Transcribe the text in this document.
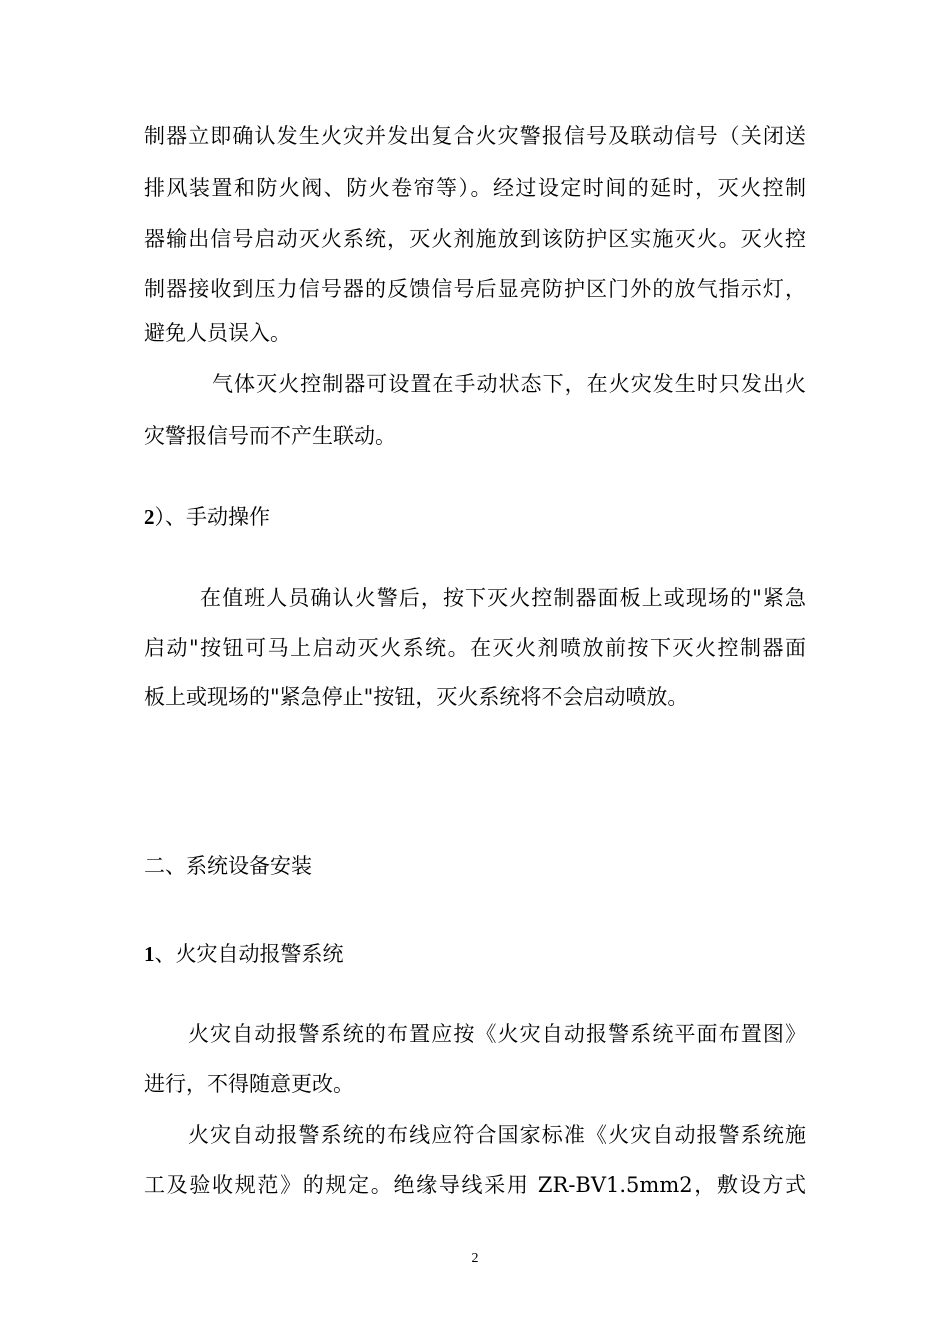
制器立即确认发生火灾并发出复合火灾警报信号及联动信号（关闭送
排风装置和防火阀、防火卷帘等）。经过设定时间的延时，灭火控制
器输出信号启动灭火系统，灭火剂施放到该防护区实施灭火。灭火控
制器接收到压力信号器的反馈信号后显亮防护区门外的放气指示灯，
避免人员误入。
气体灭火控制器可设置在手动状态下，在火灾发生时只发出火
灾警报信号而不产生联动。
2）、手动操作
在值班人员确认火警后，按下灭火控制器面板上或现场的"紧急
启动"按钮可马上启动灭火系统。在灭火剂喷放前按下灭火控制器面
板上或现场的"紧急停止"按钮，灭火系统将不会启动喷放。
二、系统设备安装
1、火灾自动报警系统
火灾自动报警系统的布置应按《火灾自动报警系统平面布置图》
进行，不得随意更改。
火灾自动报警系统的布线应符合国家标准《火灾自动报警系统施
工及验收规范》的规定。绝缘导线采用 ZR-BV1.5mm2，敷设方式
2
